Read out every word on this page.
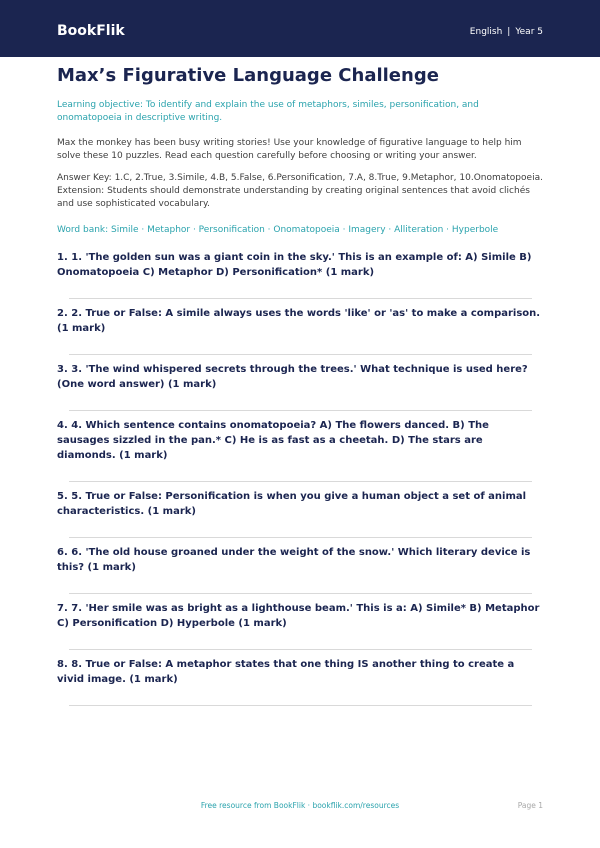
BookFlik	English | Year 5
Max’s Figurative Language Challenge
Learning objective: To identify and explain the use of metaphors, similes, personification, and onomatopoeia in descriptive writing.
Max the monkey has been busy writing stories! Use your knowledge of figurative language to help him solve these 10 puzzles. Read each question carefully before choosing or writing your answer.
Answer Key: 1.C, 2.True, 3.Simile, 4.B, 5.False, 6.Personification, 7.A, 8.True, 9.Metaphor, 10.Onomatopoeia. Extension: Students should demonstrate understanding by creating original sentences that avoid clichés and use sophisticated vocabulary.
Word bank: Simile · Metaphor · Personification · Onomatopoeia · Imagery · Alliteration · Hyperbole
1. 1. 'The golden sun was a giant coin in the sky.' This is an example of: A) Simile B) Onomatopoeia C) Metaphor D) Personification* (1 mark)
2. 2. True or False: A simile always uses the words 'like' or 'as' to make a comparison. (1 mark)
3. 3. 'The wind whispered secrets through the trees.' What technique is used here? (One word answer) (1 mark)
4. 4. Which sentence contains onomatopoeia? A) The flowers danced. B) The sausages sizzled in the pan.* C) He is as fast as a cheetah. D) The stars are diamonds. (1 mark)
5. 5. True or False: Personification is when you give a human object a set of animal characteristics. (1 mark)
6. 6. 'The old house groaned under the weight of the snow.' Which literary device is this? (1 mark)
7. 7. 'Her smile was as bright as a lighthouse beam.' This is a: A) Simile* B) Metaphor C) Personification D) Hyperbole (1 mark)
8. 8. True or False: A metaphor states that one thing IS another thing to create a vivid image. (1 mark)
Free resource from BookFlik · bookflik.com/resources	Page 1
